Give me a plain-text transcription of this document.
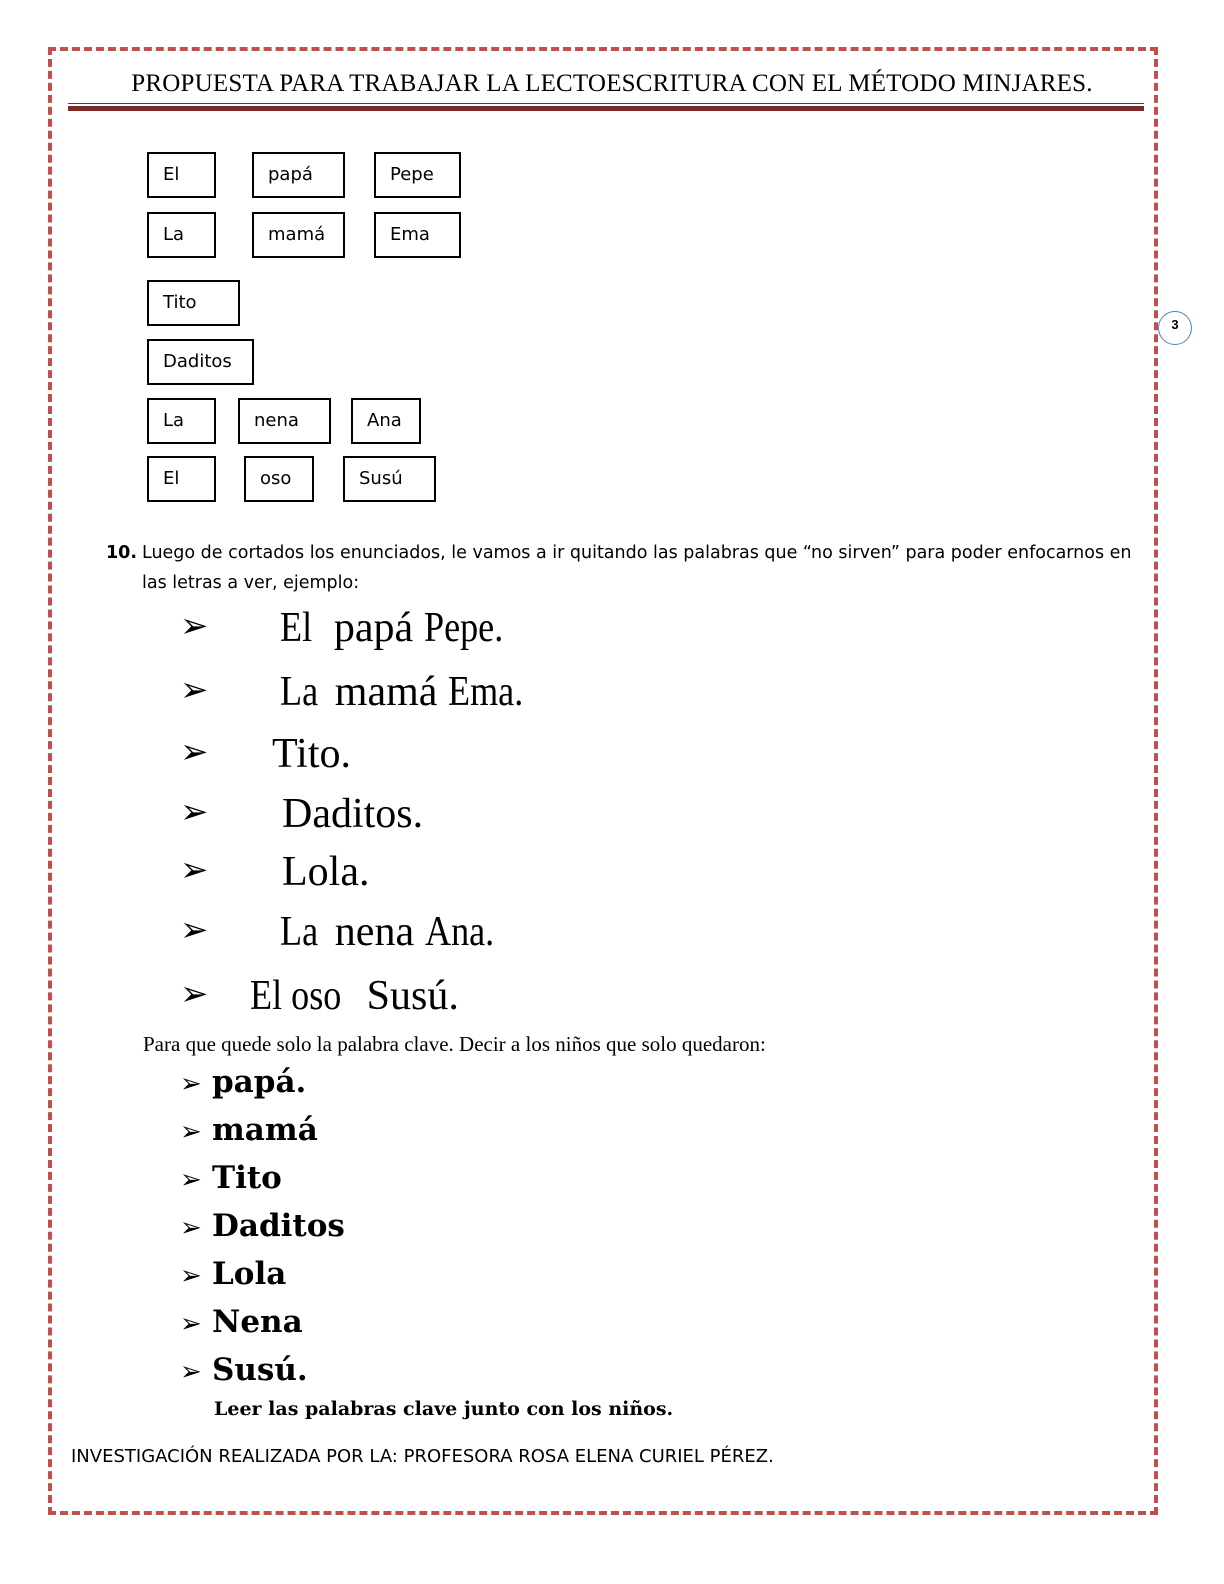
PROPUESTA PARA TRABAJAR LA LECTOESCRITURA CON EL MÉTODO MINJARES.
3
El	papá	Pepe
La	mamá	Ema
Tito
Daditos
La	nena	Ana
El	oso	Susú
10. Luego de cortados los enunciados, le vamos a ir quitando las palabras que “no sirven” para poder enfocarnos en las letras a ver, ejemplo:
➢ El papá Pepe.
➢ La mamá Ema.
➢ Tito.
➢ Daditos.
➢ Lola.
➢ La nena Ana.
➢ El oso Susú.
Para que quede solo la palabra clave. Decir a los niños que solo quedaron:
➢ papá.
➢ mamá
➢ Tito
➢ Daditos
➢ Lola
➢ Nena
➢ Susú.
Leer las palabras clave junto con los niños.
INVESTIGACIÓN REALIZADA POR LA: PROFESORA ROSA ELENA CURIEL PÉREZ.
